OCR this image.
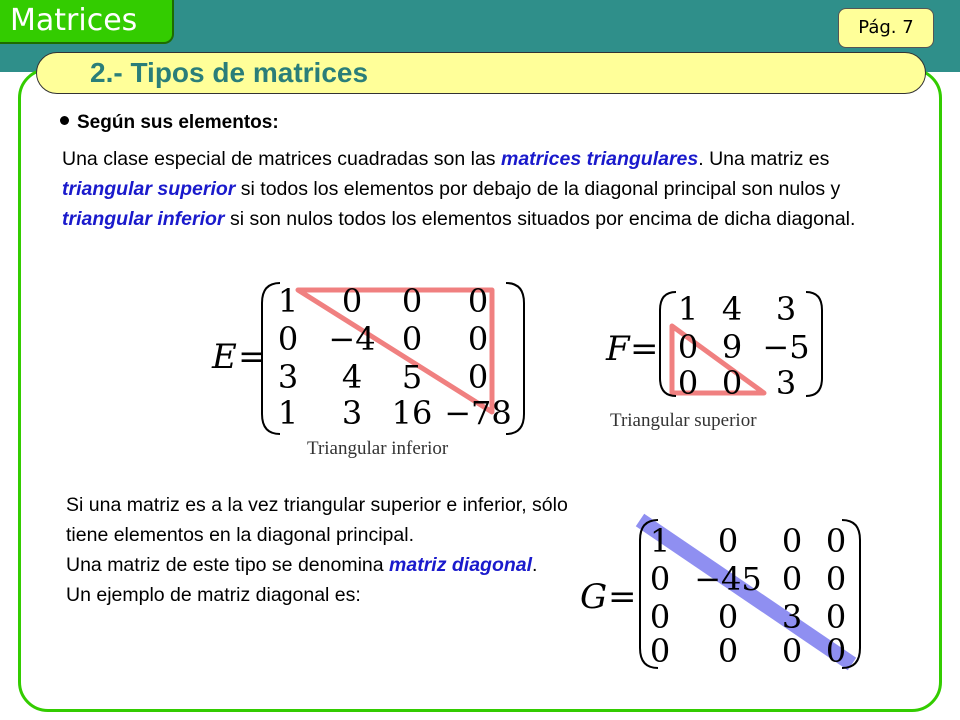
Matrices	Pág. 7
2.- Tipos de matrices
Según sus elementos:
Una clase especial de matrices cuadradas son las matrices triangulares. Una matriz es triangular superior si todos los elementos por debajo de la diagonal principal son nulos y triangular inferior si son nulos todos los elementos situados por encima de dicha diagonal.
Si una matriz es a la vez triangular superior e inferior, sólo tiene elementos en la diagonal principal.
Una matriz de este tipo se denomina matriz diagonal.
Un ejemplo de matriz diagonal es:
E =
1 0 0 0
0 −4 0 0
3 4 5 0
1 3 16 −78
Triangular inferior
F =
1 4 3
0 9 −5
0 0 3
Triangular superior
G =
1 0 0 0
0 −45 0 0
0 0 3 0
0 0 0 0
